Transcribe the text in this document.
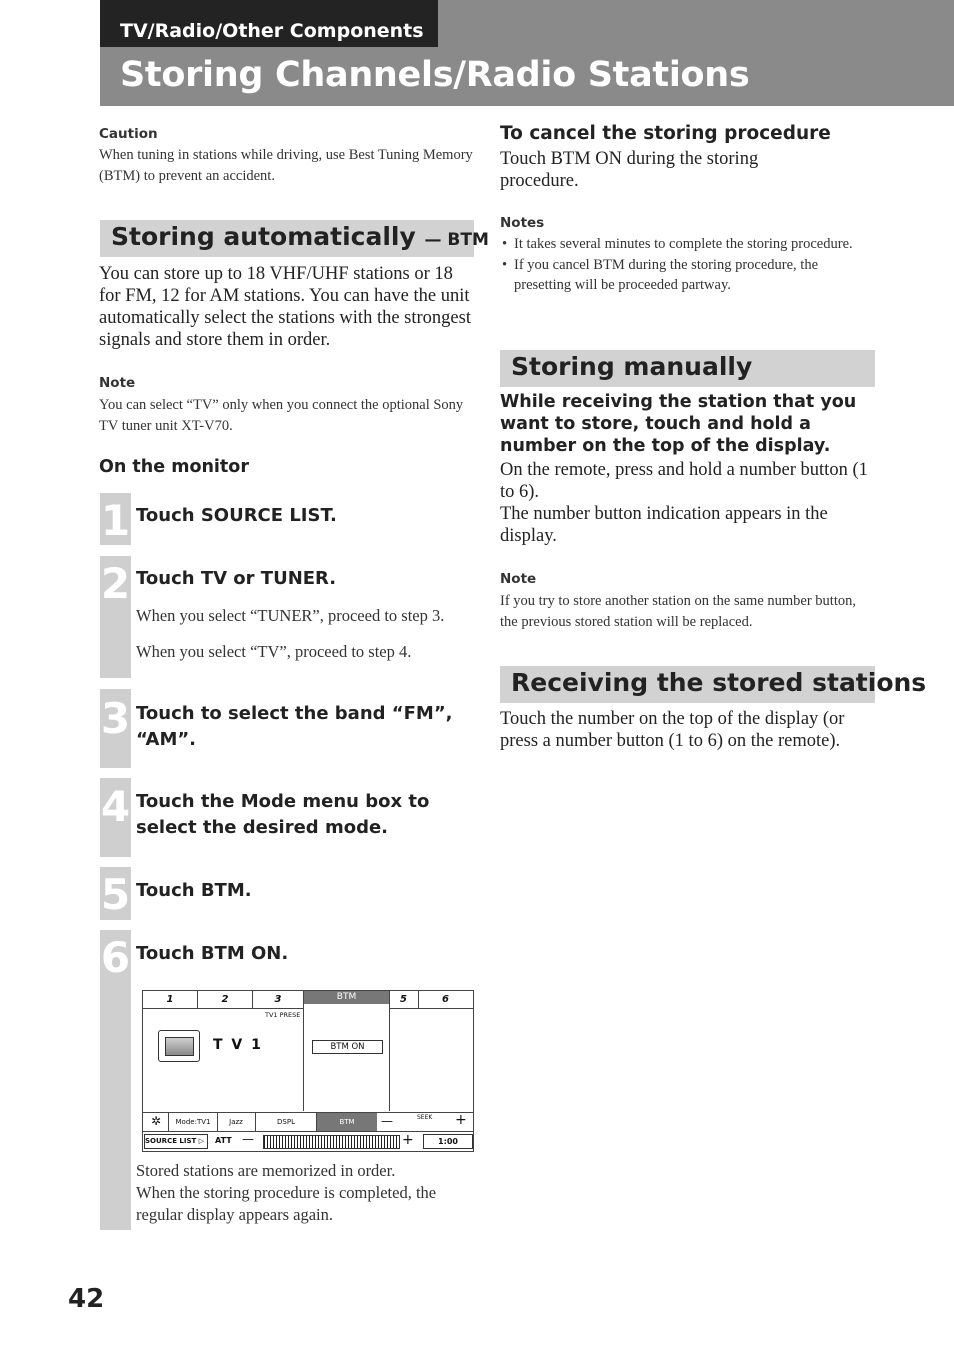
TV/Radio/Other Components
Storing Channels/Radio Stations
Caution
When tuning in stations while driving, use Best Tuning Memory (BTM) to prevent an accident.
Storing automatically — BTM
You can store up to 18 VHF/UHF stations or 18 for FM, 12 for AM stations. You can have the unit automatically select the stations with the strongest signals and store them in order.
Note
You can select “TV” only when you connect the optional Sony TV tuner unit XT-V70.
On the monitor
1 Touch SOURCE LIST.
2 Touch TV or TUNER.
When you select “TUNER”, proceed to step 3.
When you select “TV”, proceed to step 4.
3 Touch to select the band “FM”,
“AM”.
4 Touch the Mode menu box to
select the desired mode.
5 Touch BTM.
6 Touch BTM ON.
1	2	3	5	6
TV1 PRESE
T V 1
BTM
BTM ON
✲	Mode:TV1	Jazz	DSPL	BTM	—	SEEK +
SOURCE LIST ▷	ATT —	+	1:00
Stored stations are memorized in order.
When the storing procedure is completed, the regular display appears again.
To cancel the storing procedure
Touch BTM ON during the storing procedure.
Notes
• It takes several minutes to complete the storing procedure.
• If you cancel BTM during the storing procedure, the presetting will be proceeded partway.
Storing manually
While receiving the station that you want to store, touch and hold a number on the top of the display.
On the remote, press and hold a number button (1 to 6).
The number button indication appears in the display.
Note
If you try to store another station on the same number button, the previous stored station will be replaced.
Receiving the stored stations
Touch the number on the top of the display (or press a number button (1 to 6) on the remote).
42
